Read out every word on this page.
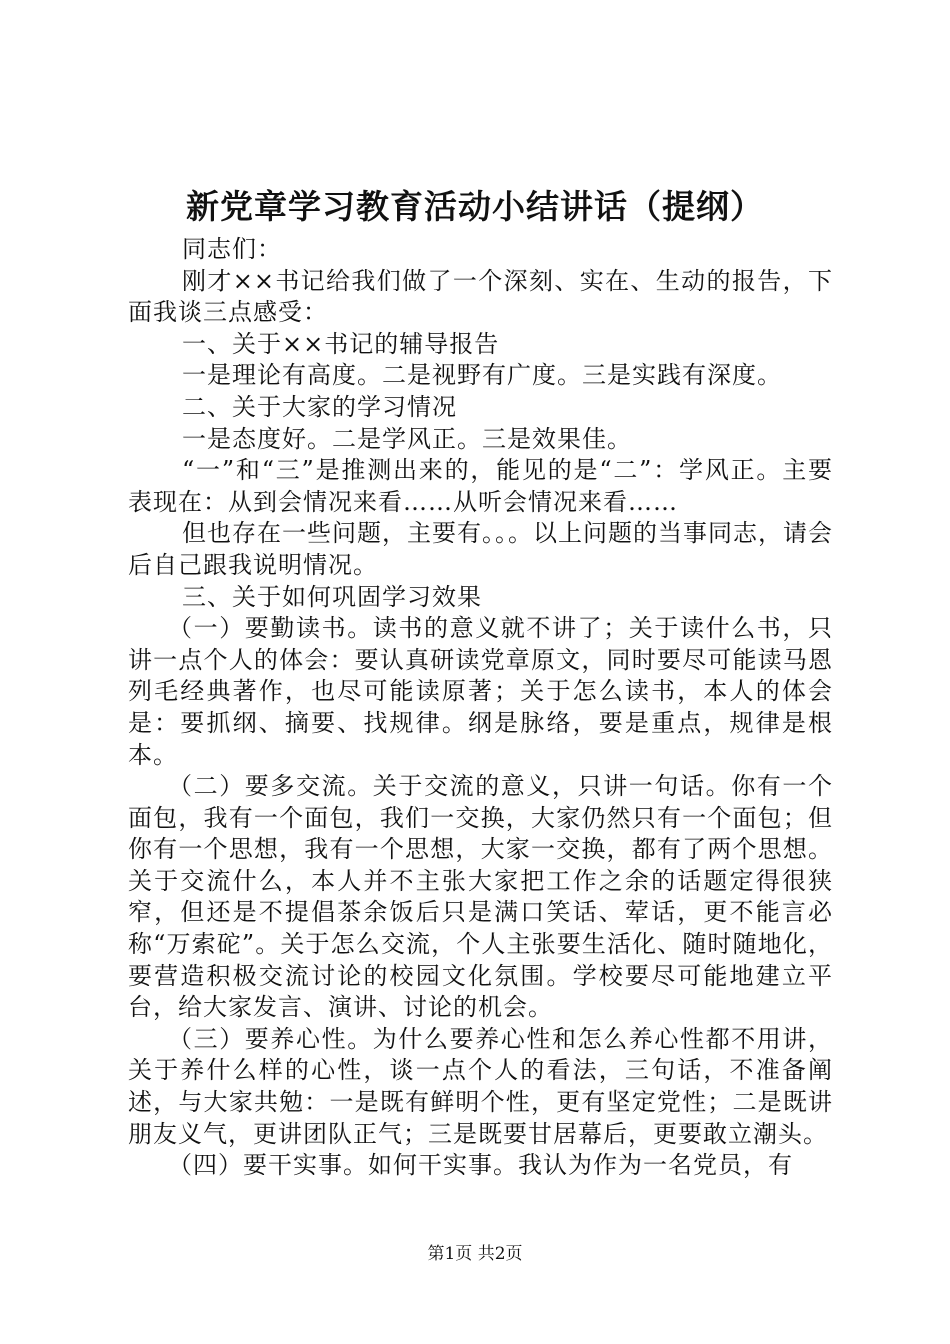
新党章学习教育活动小结讲话（提纲）

同志们：

刚才××书记给我们做了一个深刻、实在、生动的报告，下面我谈三点感受：

一、关于××书记的辅导报告

一是理论有高度。二是视野有广度。三是实践有深度。

二、关于大家的学习情况

一是态度好。二是学风正。三是效果佳。

“一”和“三”是推测出来的，能见的是“二”：学风正。主要表现在：从到会情况来看……从听会情况来看……

但也存在一些问题，主要有。。。以上问题的当事同志，请会后自己跟我说明情况。

三、关于如何巩固学习效果

（一）要勤读书。读书的意义就不讲了；关于读什么书，只讲一点个人的体会：要认真研读党章原文，同时要尽可能读马恩列毛经典著作，也尽可能读原著；关于怎么读书，本人的体会是：要抓纲、摘要、找规律。纲是脉络，要是重点，规律是根本。

（二）要多交流。关于交流的意义，只讲一句话。你有一个面包，我有一个面包，我们一交换，大家仍然只有一个面包；但你有一个思想，我有一个思想，大家一交换，都有了两个思想。关于交流什么，本人并不主张大家把工作之余的话题定得很狭窄，但还是不提倡茶余饭后只是满口笑话、荤话，更不能言必称“万索砣”。关于怎么交流，个人主张要生活化、随时随地化，要营造积极交流讨论的校园文化氛围。学校要尽可能地建立平台，给大家发言、演讲、讨论的机会。

（三）要养心性。为什么要养心性和怎么养心性都不用讲，关于养什么样的心性，谈一点个人的看法，三句话，不准备阐述，与大家共勉：一是既有鲜明个性，更有坚定党性；二是既讲朋友义气，更讲团队正气；三是既要甘居幕后，更要敢立潮头。

（四）要干实事。如何干实事。我认为作为一名党员，有

第1页 共2页
